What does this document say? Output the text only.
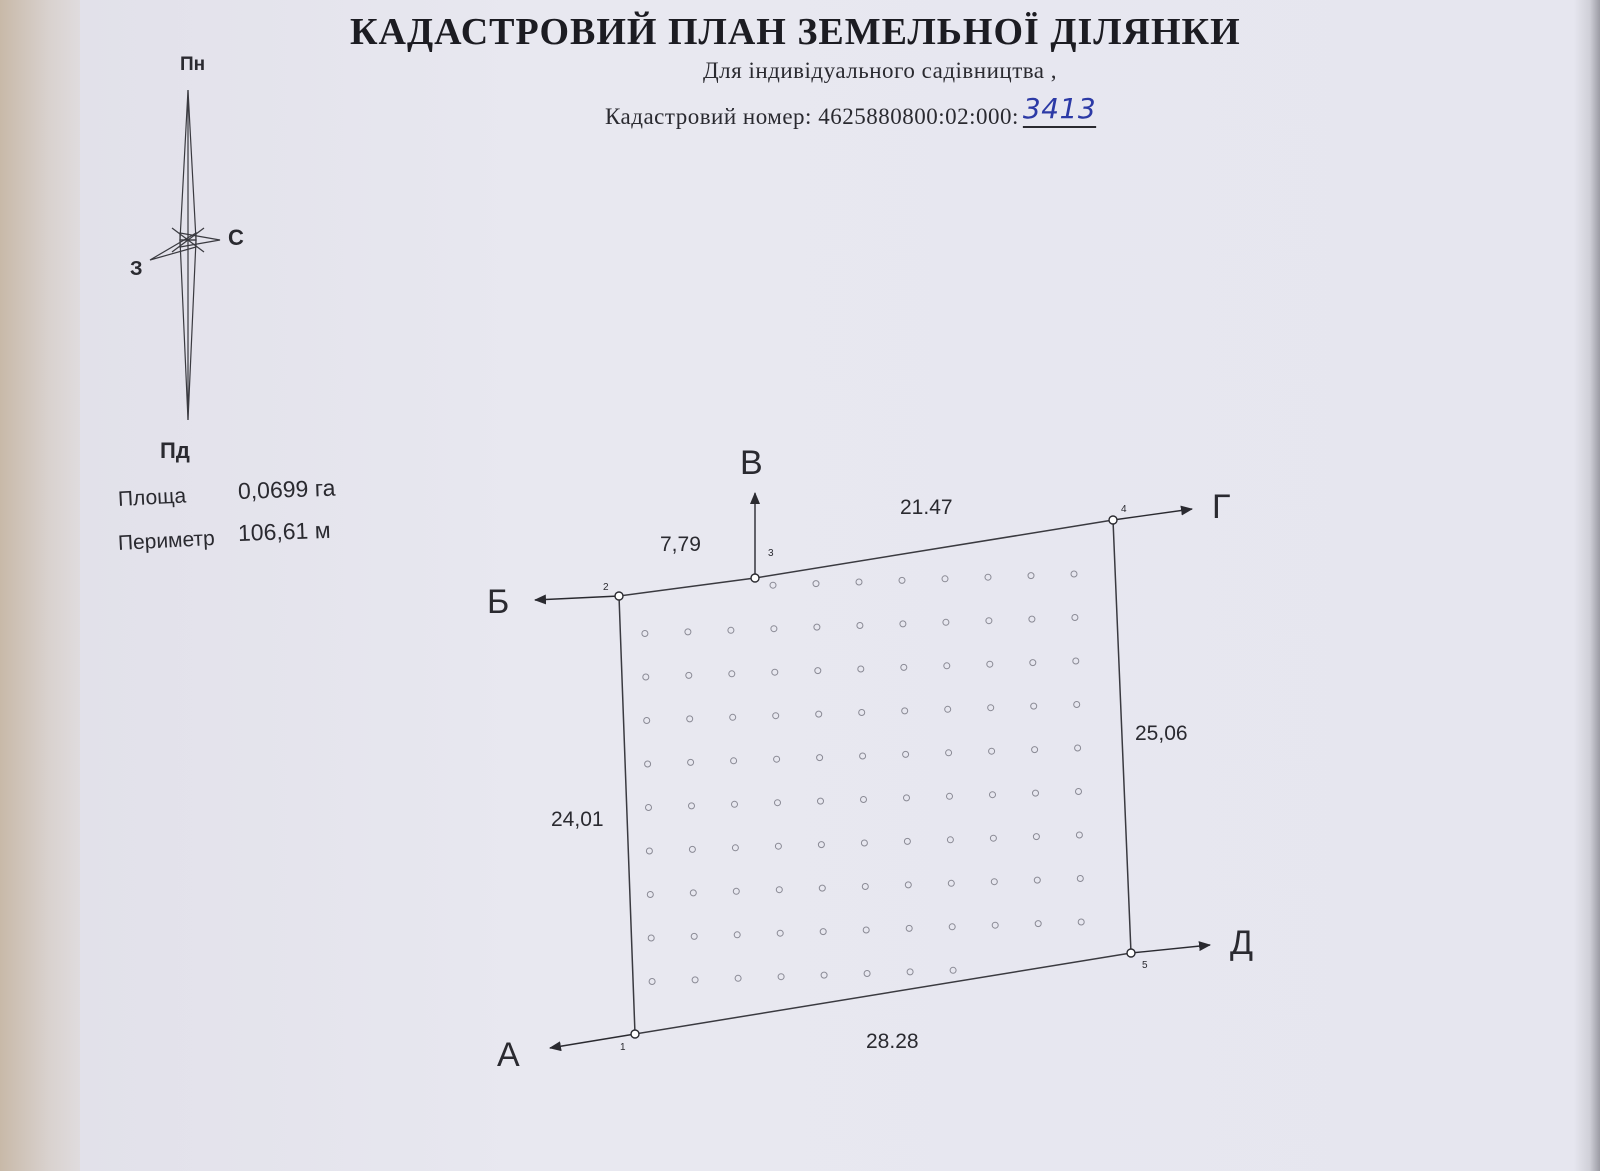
КАДАСТРОВИЙ ПЛАН ЗЕМЕЛЬНОЇ ДІЛЯНКИ
Для індивідуального садівництва ,
Кадастровий номер: 4625880800:02:000: 3413
Пн
С
З
Пд
Площа 0,0699 га
Периметр 106,61 м
1
2
3
4
5
24,01
7,79
21.47
25,06
28.28
А
Б
В
Г
Д
